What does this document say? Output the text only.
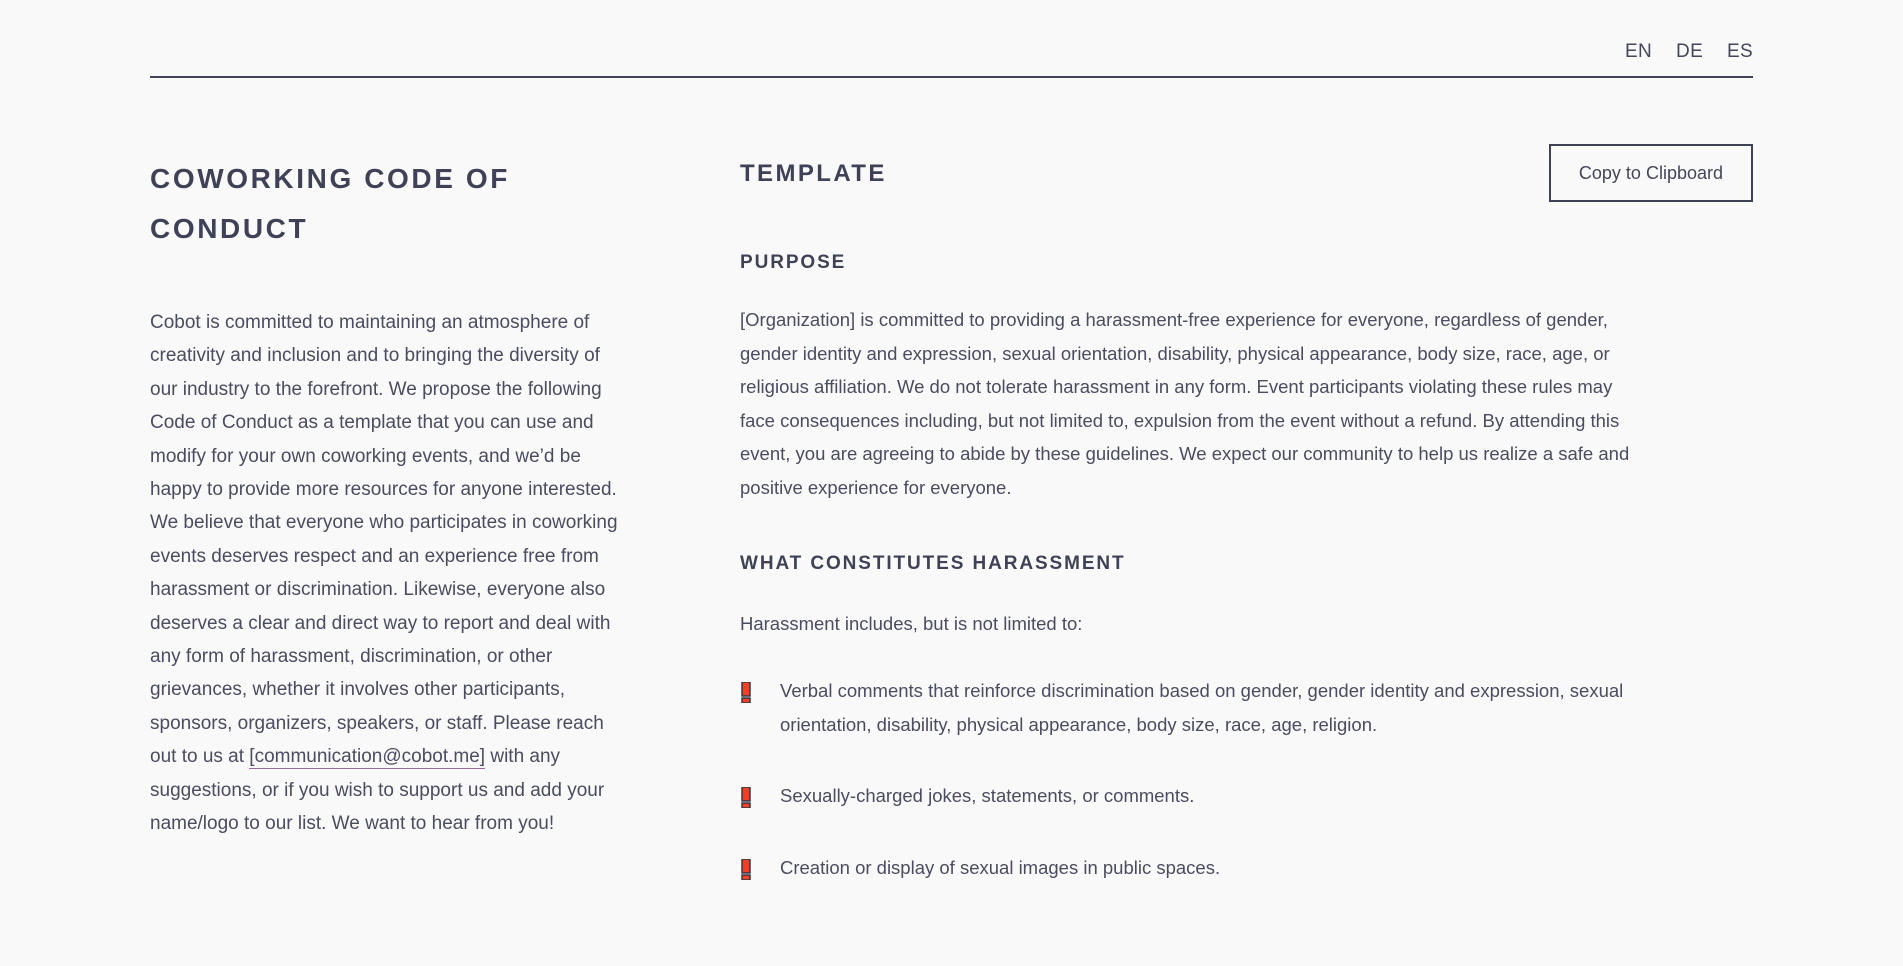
EN DE ES
COWORKING CODE OF CONDUCT

Cobot is committed to maintaining an atmosphere of creativity and inclusion and to bringing the diversity of our industry to the forefront. We propose the following Code of Conduct as a template that you can use and modify for your own coworking events, and we’d be happy to provide more resources for anyone interested. We believe that everyone who participates in coworking events deserves respect and an experience free from harassment or discrimination. Likewise, everyone also deserves a clear and direct way to report and deal with any form of harassment, discrimination, or other grievances, whether it involves other participants, sponsors, organizers, speakers, or staff. Please reach out to us at [communication@cobot.me] with any suggestions, or if you wish to support us and add your name/logo to our list. We want to hear from you!

TEMPLATE	Copy to Clipboard
PURPOSE

[Organization] is committed to providing a harassment-free experience for everyone, regardless of gender, gender identity and expression, sexual orientation, disability, physical appearance, body size, race, age, or religious affiliation. We do not tolerate harassment in any form. Event participants violating these rules may face consequences including, but not limited to, expulsion from the event without a refund. By attending this event, you are agreeing to abide by these guidelines. We expect our community to help us realize a safe and positive experience for everyone.

WHAT CONSTITUTES HARASSMENT

Harassment includes, but is not limited to:

Verbal comments that reinforce discrimination based on gender, gender identity and expression, sexual orientation, disability, physical appearance, body size, race, age, religion.
Sexually-charged jokes, statements, or comments.
Creation or display of sexual images in public spaces.
